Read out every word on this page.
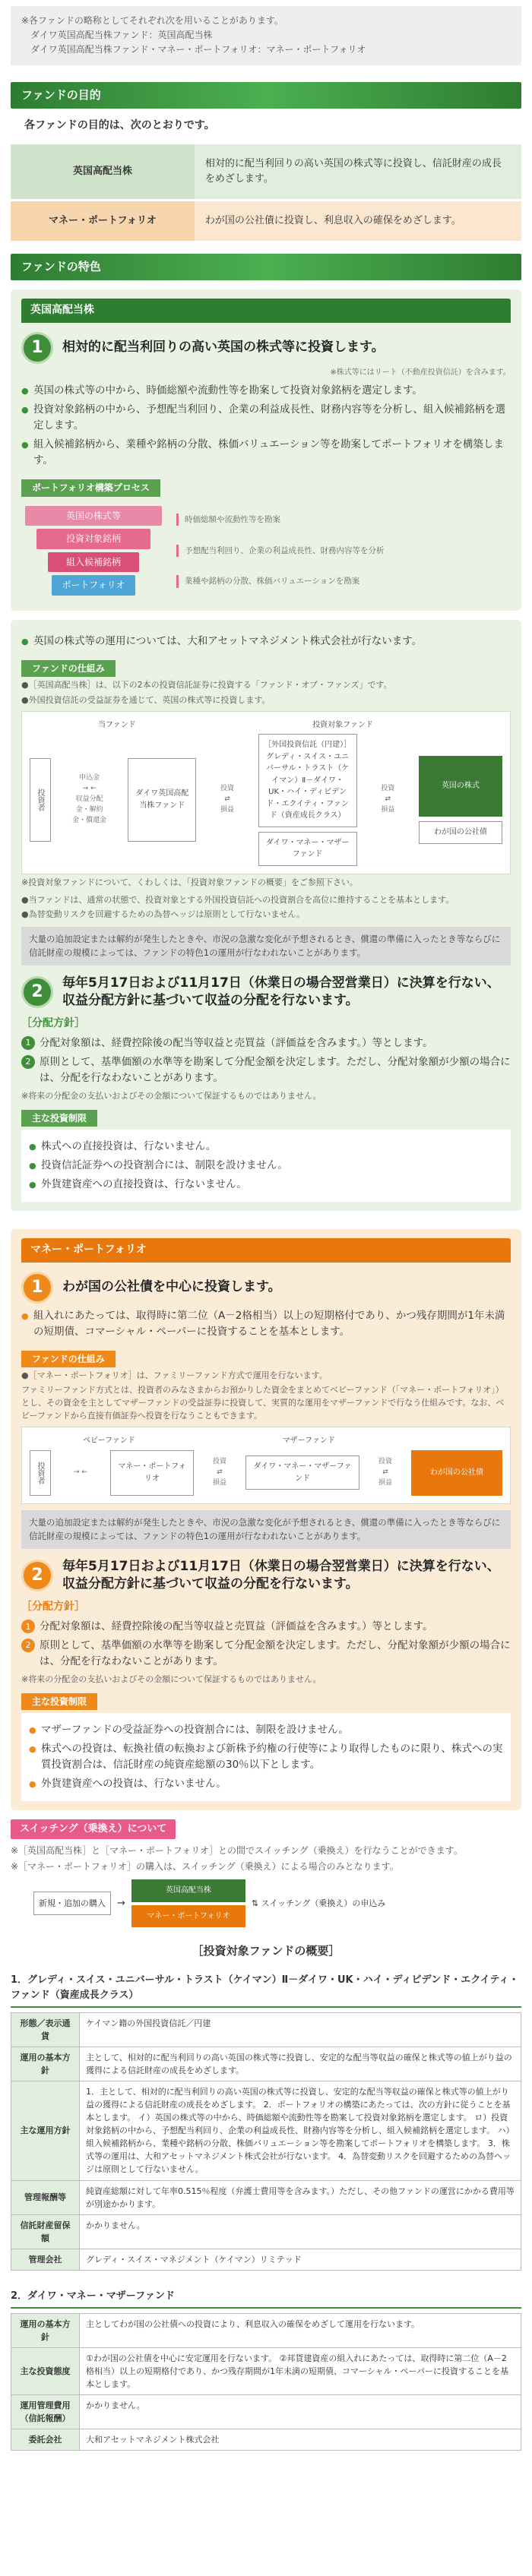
※各ファンドの略称としてそれぞれ次を用いることがあります。
ダイワ英国高配当株ファンド：英国高配当株
ダイワ英国高配当株ファンド・マネー・ポートフォリオ：マネー・ポートフォリオ
ファンドの目的
各ファンドの目的は、次のとおりです。
英国高配当株	相対的に配当利回りの高い英国の株式等に投資し、信託財産の成長をめざします。
マネー・ポートフォリオ	わが国の公社債に投資し、利息収入の確保をめざします。
ファンドの特色
英国高配当株
1	相対的に配当利回りの高い英国の株式等に投資します。
※株式等にはリート（不動産投資信託）を含みます。
● 英国の株式等の中から、時価総額や流動性等を勘案して投資対象銘柄を選定します。
● 投資対象銘柄の中から、予想配当利回り、企業の利益成長性、財務内容等を分析し、組入候補銘柄を選定します。
● 組入候補銘柄から、業種や銘柄の分散、株価バリュエーション等を勘案してポートフォリオを構築します。
ポートフォリオ構築プロセス
英国の株式等
投資対象銘柄
組入候補銘柄
ポートフォリオ
時価総額や流動性等を勘案
予想配当利回り、企業の利益成長性、財務内容等を分析
業種や銘柄の分散、株価バリュエーションを勘案
● 英国の株式等の運用については、大和アセットマネジメント株式会社が行ないます。
ファンドの仕組み
●［英国高配当株］は、以下の2本の投資信託証券に投資する「ファンド・オブ・ファンズ」です。
●外国投資信託の受益証券を通じて、英国の株式等に投資します。
当ファンド	投資対象ファンド
投資者
申込金
→ ←
収益分配金・解約金・償還金
ダイワ英国高配当株ファンド
投資
⇄
損益
［外国投資信託（円建）］
グレディ・スイス・ユニバーサル・トラスト（ケイマン）Ⅱ－ダイワ・UK・ハイ・ディビデンド・エクイティ・ファンド（資産成長クラス）
ダイワ・マネー・マザーファンド
投資
⇄
損益
英国の株式
わが国の公社債
※投資対象ファンドについて、くわしくは、「投資対象ファンドの概要」をご参照下さい。
●当ファンドは、通常の状態で、投資対象とする外国投資信託への投資割合を高位に維持することを基本とします。
●為替変動リスクを回避するための為替ヘッジは原則として行ないません。
大量の追加設定または解約が発生したときや、市況の急激な変化が予想されるとき、償還の準備に入ったとき等ならびに信託財産の規模によっては、ファンドの特色1の運用が行なわれないことがあります。
2	毎年5月17日および11月17日（休業日の場合翌営業日）に決算を行ない、収益分配方針に基づいて収益の分配を行ないます。
［分配方針］
1 分配対象額は、経費控除後の配当等収益と売買益（評価益を含みます。）等とします。
2 原則として、基準価額の水準等を勘案して分配金額を決定します。ただし、分配対象額が少額の場合には、分配を行なわないことがあります。
※将来の分配金の支払いおよびその金額について保証するものではありません。
主な投資制限
● 株式への直接投資は、行ないません。
● 投資信託証券への投資割合には、制限を設けません。
● 外貨建資産への直接投資は、行ないません。
マネー・ポートフォリオ
1	わが国の公社債を中心に投資します。
● 組入れにあたっては、取得時に第二位（A－2格相当）以上の短期格付であり、かつ残存期間が1年未満の短期債、コマーシャル・ペーパーに投資することを基本とします。
ファンドの仕組み
●［マネー・ポートフォリオ］は、ファミリーファンド方式で運用を行ないます。
ファミリーファンド方式とは、投資者のみなさまからお預かりした資金をまとめてベビーファンド（「マネー・ポートフォリオ」）とし、その資金を主としてマザーファンドの受益証券に投資して、実質的な運用をマザーファンドで行なう仕組みです。なお、ベビーファンドから直接有価証券へ投資を行なうこともできます。
ベビーファンド	マザーファンド
投資者	→ ←
マネー・ポートフォリオ
投資
⇄
損益
ダイワ・マネー・マザーファンド
投資
⇄
損益
わが国の公社債
大量の追加設定または解約が発生したときや、市況の急激な変化が予想されるとき、償還の準備に入ったとき等ならびに信託財産の規模によっては、ファンドの特色1の運用が行なわれないことがあります。
2	毎年5月17日および11月17日（休業日の場合翌営業日）に決算を行ない、収益分配方針に基づいて収益の分配を行ないます。
［分配方針］
1 分配対象額は、経費控除後の配当等収益と売買益（評価益を含みます。）等とします。
2 原則として、基準価額の水準等を勘案して分配金額を決定します。ただし、分配対象額が少額の場合には、分配を行なわないことがあります。
※将来の分配金の支払いおよびその金額について保証するものではありません。
主な投資制限
● マザーファンドの受益証券への投資割合には、制限を設けません。
● 株式への投資は、転換社債の転換および新株予約権の行使等により取得したものに限り、株式への実質投資割合は、信託財産の純資産総額の30％以下とします。
● 外貨建資産への投資は、行ないません。
スイッチング（乗換え）について
※［英国高配当株］と［マネー・ポートフォリオ］との間でスイッチング（乗換え）を行なうことができます。
※［マネー・ポートフォリオ］の購入は、スイッチング（乗換え）による場合のみとなります。
新規・追加の購入	→
英国高配当株
マネー・ポートフォリオ
⇅ スイッチング（乗換え）の申込み
［投資対象ファンドの概要］
1．グレディ・スイス・ユニバーサル・トラスト（ケイマン）Ⅱ－ダイワ・UK・ハイ・ディビデンド・エクイティ・ファンド（資産成長クラス）
形態／表示通貨	ケイマン籍の外国投資信託／円建
運用の基本方針	主として、相対的に配当利回りの高い英国の株式等に投資し、安定的な配当等収益の確保と株式等の値上がり益の獲得による信託財産の成長をめざします。
主な運用方針	1．主として、相対的に配当利回りの高い英国の株式等に投資し、安定的な配当等収益の確保と株式等の値上がり益の獲得による信託財産の成長をめざします。 2．ポートフォリオの構築にあたっては、次の方針に従うことを基本とします。 イ）英国の株式等の中から、時価総額や流動性等を勘案して投資対象銘柄を選定します。 ロ）投資対象銘柄の中から、予想配当利回り、企業の利益成長性、財務内容等を分析し、組入候補銘柄を選定します。 ハ）組入候補銘柄から、業種や銘柄の分散、株価バリュエーション等を勘案してポートフォリオを構築します。 3．株式等の運用は、大和アセットマネジメント株式会社が行ないます。 4．為替変動リスクを回避するための為替ヘッジは原則として行ないません。
管理報酬等	純資産総額に対して年率0.515％程度（弁護士費用等を含みます。）ただし、その他ファンドの運営にかかる費用等が別途かかります。
信託財産留保額	かかりません。
管理会社	グレディ・スイス・マネジメント（ケイマン）リミテッド
2．ダイワ・マネー・マザーファンド
運用の基本方針	主としてわが国の公社債への投資により、利息収入の確保をめざして運用を行ないます。
主な投資態度	①わが国の公社債を中心に安定運用を行ないます。 ②邦貨建資産の組入れにあたっては、取得時に第二位（A－2格相当）以上の短期格付であり、かつ残存期間が1年未満の短期債、コマーシャル・ペーパーに投資することを基本とします。
運用管理費用（信託報酬）	かかりません。
委託会社	大和アセットマネジメント株式会社
